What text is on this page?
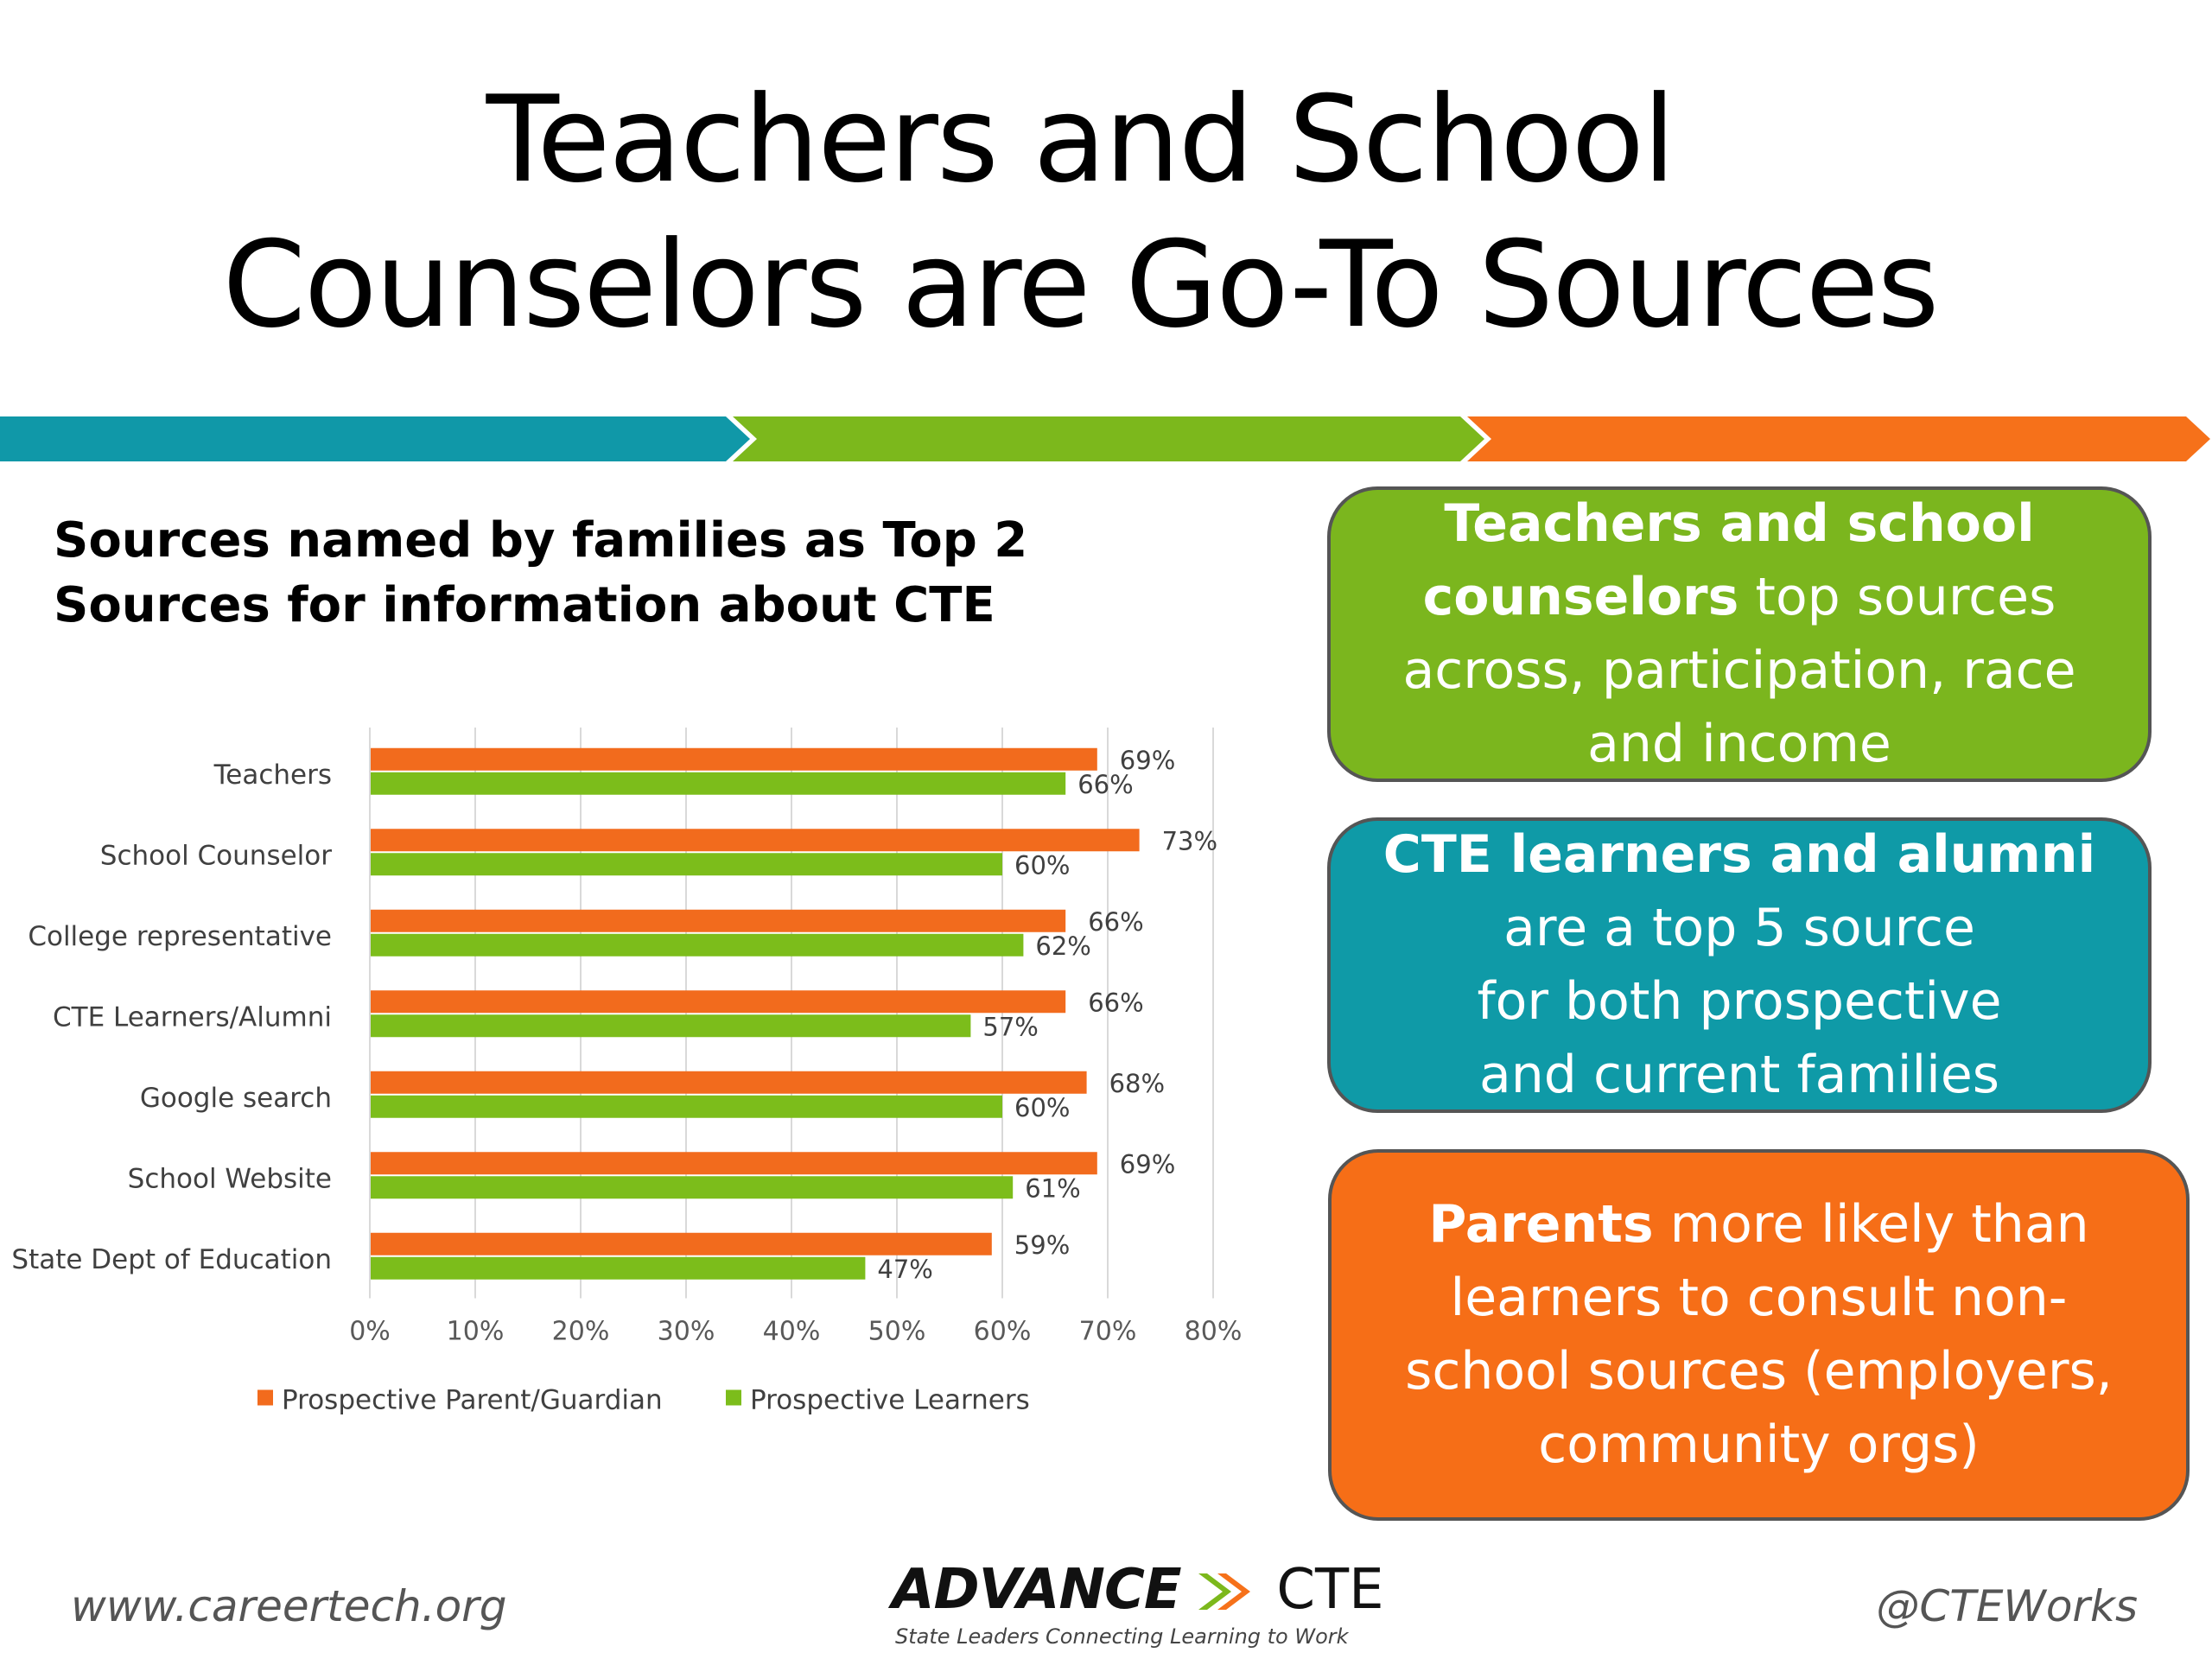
Teachers and School
Counselors are Go-To Sources
Sources named by families as Top 2
Sources for information about CTE
0% 10% 20% 30% 40% 50% 60% 70% 80%
Teachers	69%
66%
School Counselor	73%
60%
College representative	66%
62%
CTE Learners/Alumni	66%
57%
Google search	68%
60%
School Website	69%
61%
State Dept of Education	59%
47%
Prospective Parent/Guardian	Prospective Learners
Teachers and school
counselors top sources
across, participation, race
and income
CTE learners and alumni
are a top 5 source
for both prospective
and current families
Parents more likely than
learners to consult non-
school sources (employers,
community orgs)
www.careertech.org	ADVANCE CTE
State Leaders Connecting Learning to Work
@CTEWorks
